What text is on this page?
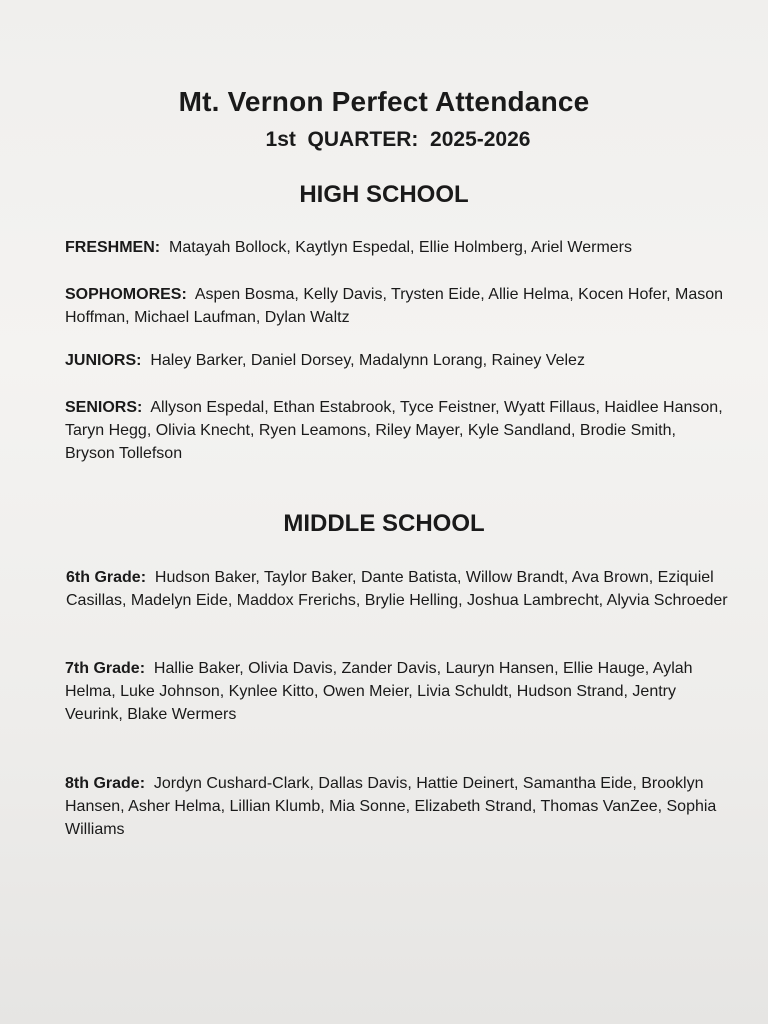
Mt. Vernon Perfect Attendance
1st  QUARTER:  2025-2026
HIGH SCHOOL
FRESHMEN: Matayah Bollock, Kaytlyn Espedal, Ellie Holmberg, Ariel Wermers
SOPHOMORES: Aspen Bosma, Kelly Davis, Trysten Eide, Allie Helma, Kocen Hofer, Mason Hoffman, Michael Laufman, Dylan Waltz
JUNIORS: Haley Barker, Daniel Dorsey, Madalynn Lorang, Rainey Velez
SENIORS: Allyson Espedal, Ethan Estabrook, Tyce Feistner, Wyatt Fillaus, Haidlee Hanson, Taryn Hegg, Olivia Knecht, Ryen Leamons, Riley Mayer, Kyle Sandland, Brodie Smith, Bryson Tollefson
MIDDLE SCHOOL
6th Grade: Hudson Baker, Taylor Baker, Dante Batista, Willow Brandt, Ava Brown, Eziquiel Casillas, Madelyn Eide, Maddox Frerichs, Brylie Helling, Joshua Lambrecht, Alyvia Schroeder
7th Grade: Hallie Baker, Olivia Davis, Zander Davis, Lauryn Hansen, Ellie Hauge, Aylah Helma, Luke Johnson, Kynlee Kitto, Owen Meier, Livia Schuldt, Hudson Strand, Jentry Veurink, Blake Wermers
8th Grade: Jordyn Cushard-Clark, Dallas Davis, Hattie Deinert, Samantha Eide, Brooklyn Hansen, Asher Helma, Lillian Klumb, Mia Sonne, Elizabeth Strand, Thomas VanZee, Sophia Williams
